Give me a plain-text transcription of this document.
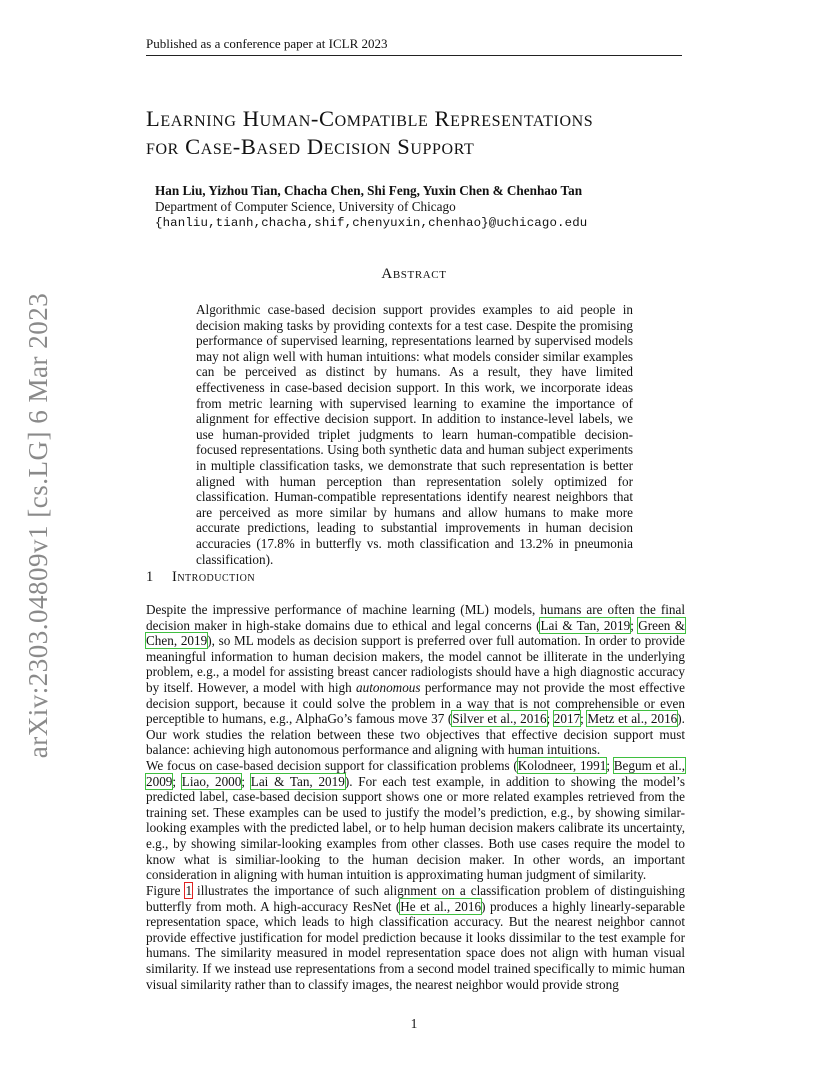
Published as a conference paper at ICLR 2023
Learning Human-Compatible Representations
for Case-Based Decision Support
Han Liu, Yizhou Tian, Chacha Chen, Shi Feng, Yuxin Chen & Chenhao Tan
Department of Computer Science, University of Chicago
{hanliu,tianh,chacha,shif,chenyuxin,chenhao}@uchicago.edu
arXiv:2303.04809v1 [cs.LG] 6 Mar 2023
Abstract

Algorithmic case-based decision support provides examples to aid people in decision making tasks by providing contexts for a test case. Despite the promising performance of supervised learning, representations learned by supervised models may not align well with human intuitions: what models consider similar examples can be perceived as distinct by humans. As a result, they have limited effectiveness in case-based decision support. In this work, we incorporate ideas from metric learning with supervised learning to examine the importance of alignment for effective decision support. In addition to instance-level labels, we use human-provided triplet judgments to learn human-compatible decision-focused representations. Using both synthetic data and human subject experiments in multiple classification tasks, we demonstrate that such representation is better aligned with human perception than representation solely optimized for classification. Human-compatible representations identify nearest neighbors that are perceived as more similar by humans and allow humans to make more accurate predictions, leading to substantial improvements in human decision accuracies (17.8% in butterfly vs. moth classification and 13.2% in pneumonia classification).

1 Introduction

Despite the impressive performance of machine learning (ML) models, humans are often the final decision maker in high-stake domains due to ethical and legal concerns (Lai & Tan, 2019; Green & Chen, 2019), so ML models as decision support is preferred over full automation. In order to provide meaningful information to human decision makers, the model cannot be illiterate in the underlying problem, e.g., a model for assisting breast cancer radiologists should have a high diagnostic accuracy by itself. However, a model with high autonomous performance may not provide the most effective decision support, because it could solve the problem in a way that is not comprehensible or even perceptible to humans, e.g., AlphaGo’s famous move 37 (Silver et al., 2016; 2017; Metz et al., 2016). Our work studies the relation between these two objectives that effective decision support must balance: achieving high autonomous performance and aligning with human intuitions.

We focus on case-based decision support for classification problems (Kolodneer, 1991; Begum et al., 2009; Liao, 2000; Lai & Tan, 2019). For each test example, in addition to showing the model’s predicted label, case-based decision support shows one or more related examples retrieved from the training set. These examples can be used to justify the model’s prediction, e.g., by showing similar-looking examples with the predicted label, or to help human decision makers calibrate its uncertainty, e.g., by showing similar-looking examples from other classes. Both use cases require the model to know what is similiar-looking to the human decision maker. In other words, an important consideration in aligning with human intuition is approximating human judgment of similarity.

Figure 1 illustrates the importance of such alignment on a classification problem of distinguishing butterfly from moth. A high-accuracy ResNet (He et al., 2016) produces a highly linearly-separable representation space, which leads to high classification accuracy. But the nearest neighbor cannot provide effective justification for model prediction because it looks dissimilar to the test example for humans. The similarity measured in model representation space does not align with human visual similarity. If we instead use representations from a second model trained specifically to mimic human visual similarity rather than to classify images, the nearest neighbor would provide strong

1
